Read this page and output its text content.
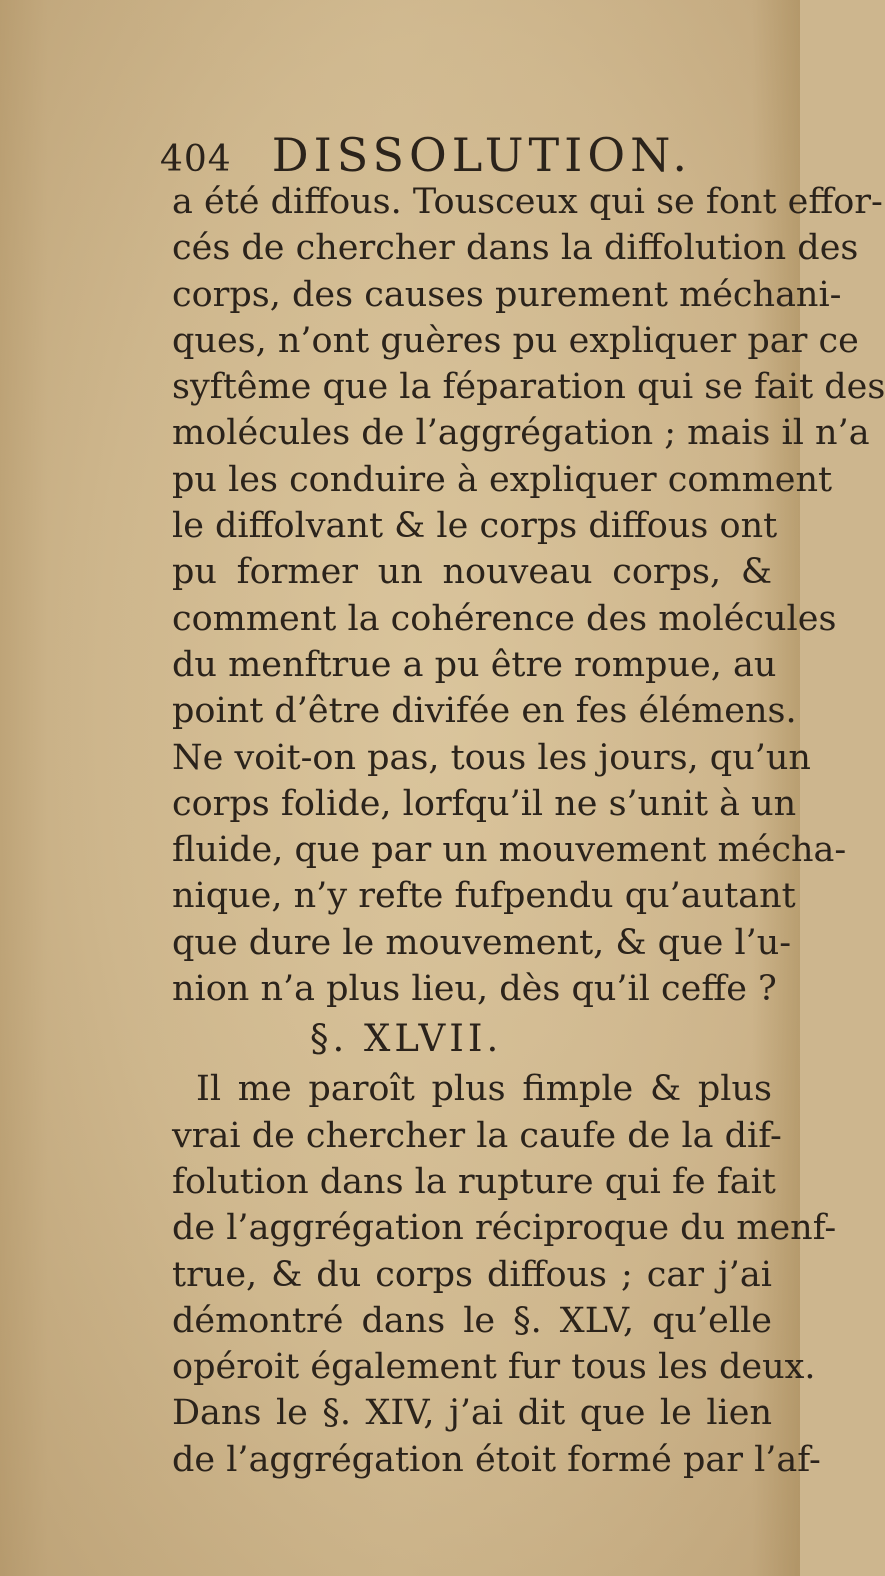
404 DISSOLUTION.
a été diffous. Tousceux qui se font effor-
cés de chercher dans la diffolution des
corps, des causes purement méchani-
ques, n’ont guères pu expliquer par ce
syftême que la féparation qui se fait des
molécules de l’aggrégation ; mais il n’a
pu les conduire à expliquer comment
le diffolvant & le corps diffous ont
pu former un nouveau corps, &
comment la cohérence des molécules
du menftrue a pu être rompue, au
point d’être divifée en fes élémens.
Ne voit-on pas, tous les jours, qu’un
corps folide, lorfqu’il ne s’unit à un
fluide, que par un mouvement mécha-
nique, n’y refte fufpendu qu’autant
que dure le mouvement, & que l’u-
nion n’a plus lieu, dès qu’il ceffe ?
§. XLVII.
Il me paroît plus fimple & plus
vrai de chercher la caufe de la dif-
folution dans la rupture qui fe fait
de l’aggrégation réciproque du menf-
true, & du corps diffous ; car j’ai
démontré dans le §. XLV, qu’elle
opéroit également fur tous les deux.
Dans le §. XIV, j’ai dit que le lien
de l’aggrégation étoit formé par l’af-
